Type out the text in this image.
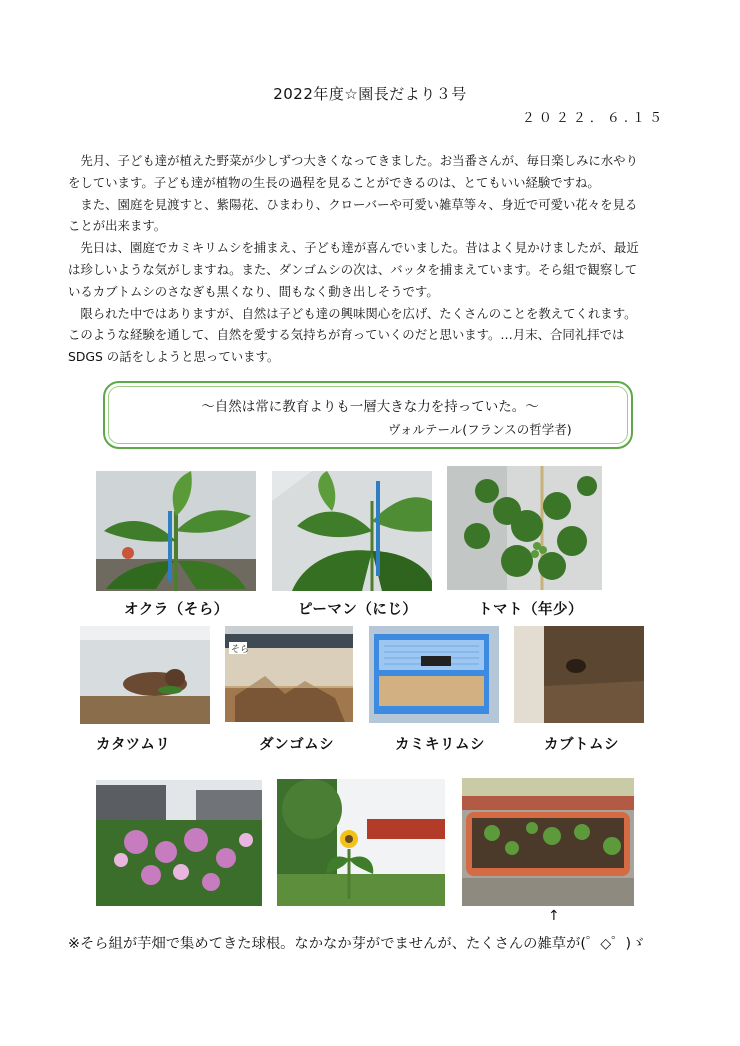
2022年度☆園長だより３号
２０２２．６.１５

　先月、子ども達が植えた野菜が少しずつ大きくなってきました。お当番さんが、毎日楽しみに水やり

をしています。子ども達が植物の生長の過程を見ることができるのは、とてもいい経験ですね。

　また、園庭を見渡すと、紫陽花、ひまわり、クローバーや可愛い雑草等々、身近で可愛い花々を見る

ことが出来ます。

　先日は、園庭でカミキリムシを捕まえ、子ども達が喜んでいました。昔はよく見かけましたが、最近

は珍しいような気がしますね。また、ダンゴムシの次は、バッタを捕まえています。そら組で観察して

いるカブトムシのさなぎも黒くなり、間もなく動き出しそうです。

　限られた中ではありますが、自然は子ども達の興味関心を広げ、たくさんのことを教えてくれます。

このような経験を通して、自然を愛する気持ちが育っていくのだと思います。…月末、合同礼拝では

SDGS の話をしようと思っています。

～自然は常に教育よりも一層大きな力を持っていた。～
ヴォルテール(フランスの哲学者)
オクラ（そら）	ピーマン（にじ）	トマト（年少）
そら
カタツムリ	ダンゴムシ	カミキリムシ	カブトムシ
↑
※そら組が芋畑で集めてきた球根。なかなか芽がでませんが、たくさんの雑草が(゜◇゜)ゞ
